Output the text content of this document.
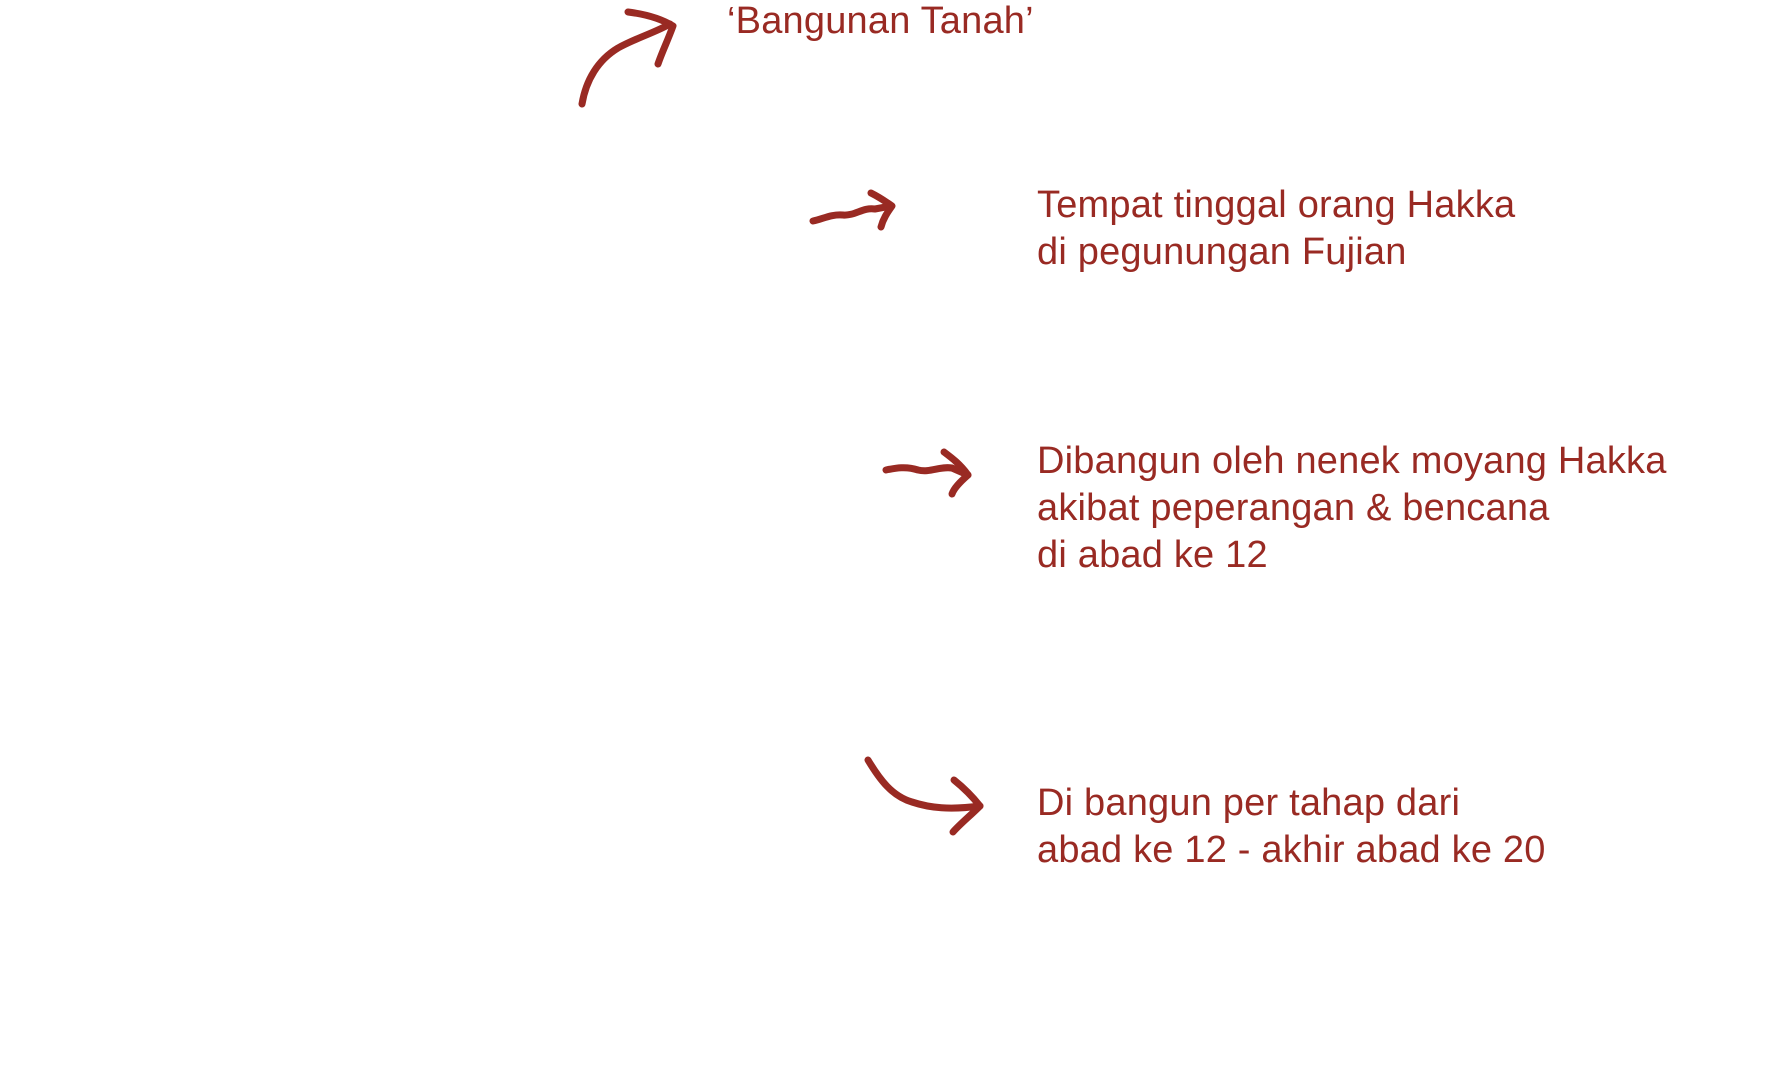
‘Bangunan Tanah’

Tempat tinggal orang Hakka
di pegunungan Fujian

Dibangun oleh nenek moyang Hakka
akibat peperangan & bencana
di abad ke 12

Di bangun per tahap dari
abad ke 12 - akhir abad ke 20
